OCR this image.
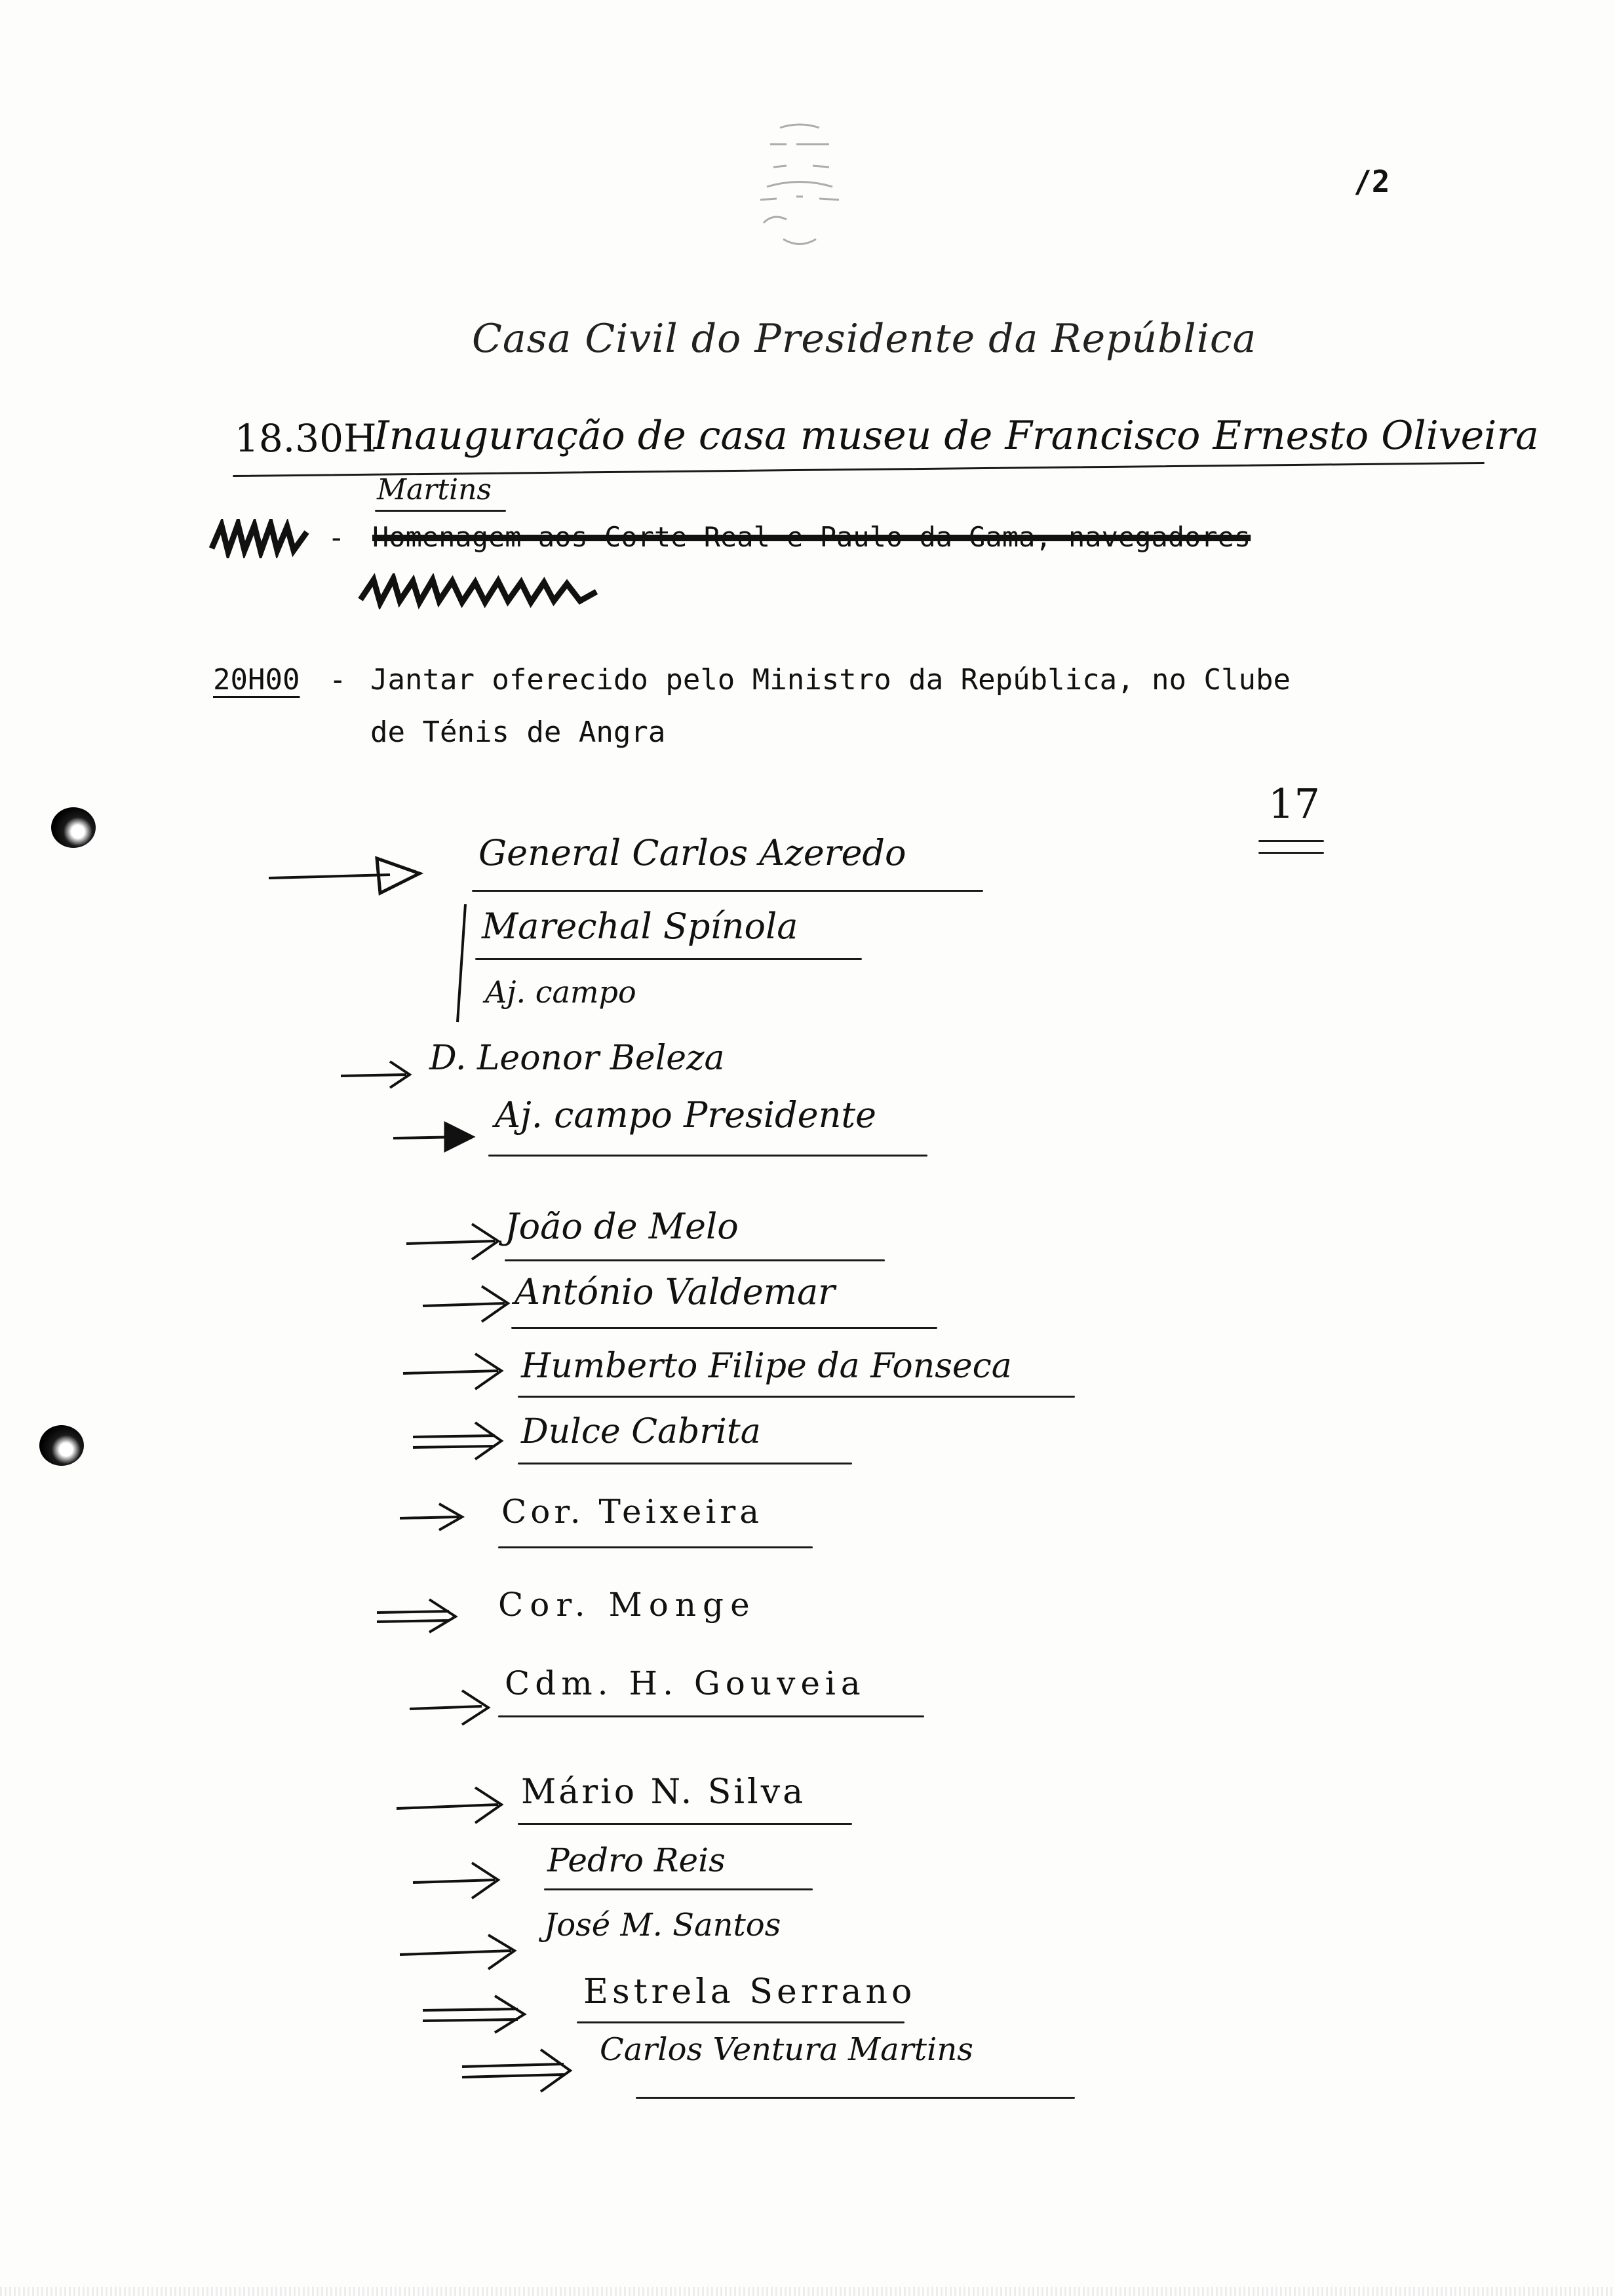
/2
Casa Civil do Presidente da República
18.30H
Inauguração de casa museu de Francisco Ernesto Oliveira
Martins
- Homenagem aos Corte Real e Paulo da Gama, navegadores
20H00 - Jantar oferecido pelo Ministro da República, no Clube
de Ténis de Angra
17
General Carlos Azeredo
Marechal Spínola
Aj. campo
D. Leonor Beleza
Aj. campo Presidente
João de Melo
António Valdemar
Humberto Filipe da Fonseca
Dulce Cabrita
Cor. Teixeira
Cor. Monge
Cdm. H. Gouveia
Mário N. Silva
Pedro Reis
José M. Santos
Estrela Serrano
Carlos Ventura Martins
